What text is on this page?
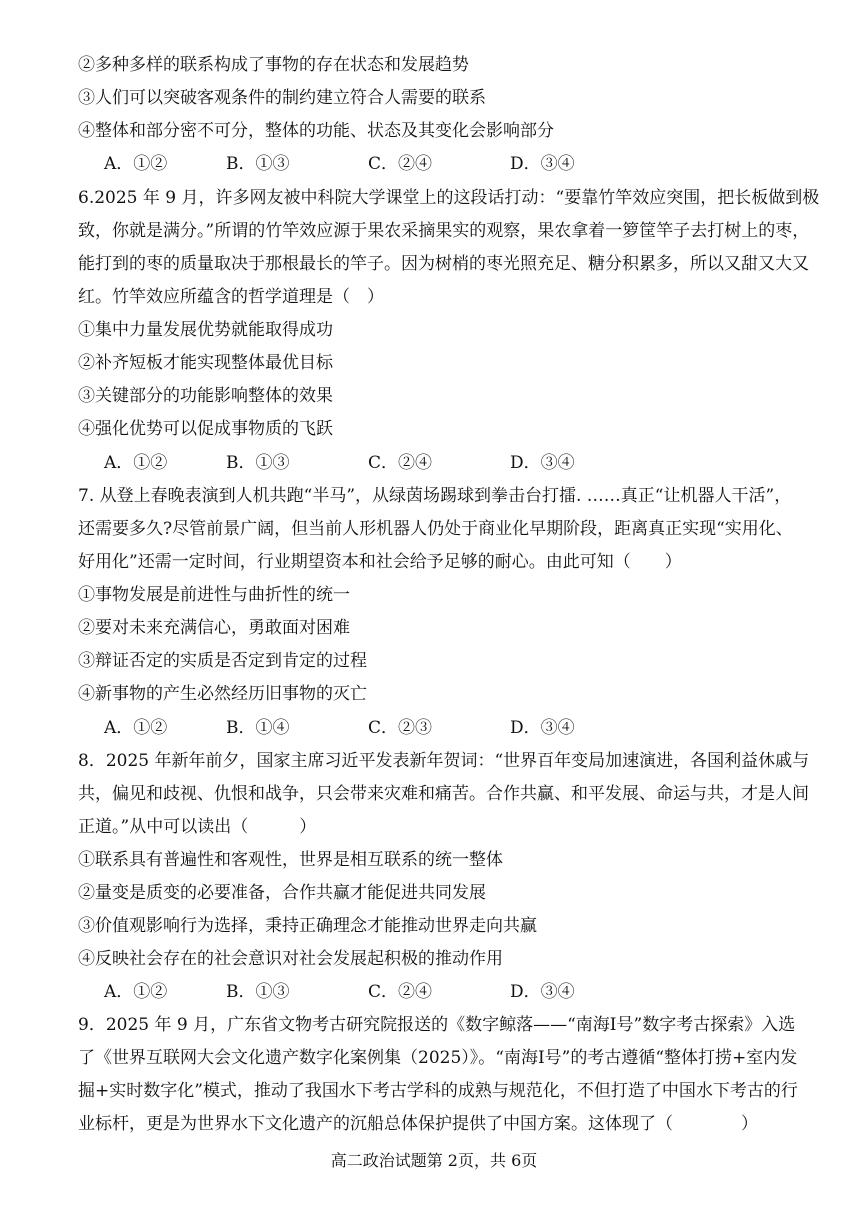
②多种多样的联系构成了事物的存在状态和发展趋势
③人们可以突破客观条件的制约建立符合人需要的联系
④整体和部分密不可分，整体的功能、状态及其变化会影响部分
A．①②	B．①③	C．②④	D．③④
6.2025 年 9 月，许多网友被中科院大学课堂上的这段话打动：“要靠竹竿效应突围，把长板做到极
致，你就是满分。”所谓的竹竿效应源于果农采摘果实的观察，果农拿着一箩筐竿子去打树上的枣，
能打到的枣的质量取决于那根最长的竿子。因为树梢的枣光照充足、糖分积累多，所以又甜又大又
红。竹竿效应所蕴含的哲学道理是（　）
①集中力量发展优势就能取得成功
②补齐短板才能实现整体最优目标
③关键部分的功能影响整体的效果
④强化优势可以促成事物质的飞跃
A．①②	B．①③	C．②④	D．③④
7. 从登上春晚表演到人机共跑“半马”，从绿茵场踢球到拳击台打擂. ……真正“让机器人干活”，
还需要多久?尽管前景广阔，但当前人形机器人仍处于商业化早期阶段，距离真正实现“实用化、
好用化”还需一定时间，行业期望资本和社会给予足够的耐心。由此可知（　　）
①事物发展是前进性与曲折性的统一
②要对未来充满信心，勇敢面对困难
③辩证否定的实质是否定到肯定的过程
④新事物的产生必然经历旧事物的灭亡
A．①②	B．①④	C．②③	D．③④
8．2025 年新年前夕，国家主席习近平发表新年贺词：“世界百年变局加速演进，各国利益休戚与
共，偏见和歧视、仇恨和战争，只会带来灾难和痛苦。合作共赢、和平发展、命运与共，才是人间
正道。”从中可以读出（　　　）
①联系具有普遍性和客观性，世界是相互联系的统一整体
②量变是质变的必要准备，合作共赢才能促进共同发展
③价值观影响行为选择，秉持正确理念才能推动世界走向共赢
④反映社会存在的社会意识对社会发展起积极的推动作用
A．①②	B．①③	C．②④	D．③④
9．2025 年 9 月，广东省文物考古研究院报送的《数字鲸落——“南海Ⅰ号”数字考古探索》入选
了《世界互联网大会文化遗产数字化案例集（2025）》。“南海Ⅰ号”的考古遵循“整体打捞+室内发
掘+实时数字化”模式，推动了我国水下考古学科的成熟与规范化，不但打造了中国水下考古的行
业标杆，更是为世界水下文化遗产的沉船总体保护提供了中国方案。这体现了（　　　　）
高二政治试题第 2页，共 6页
